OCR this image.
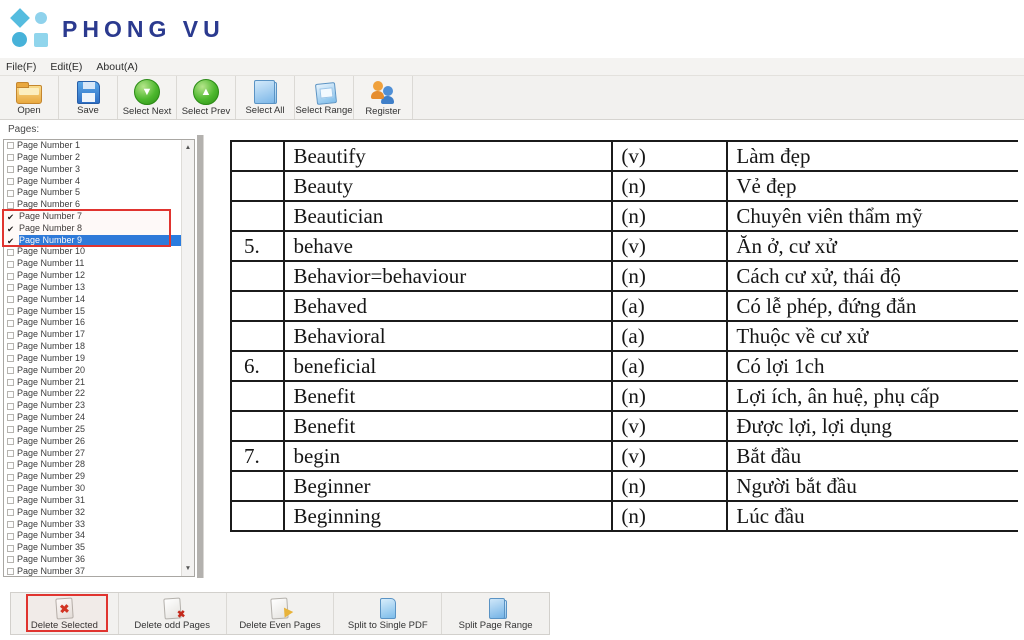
PHONG VU
File(F) Edit(E) About(A)
Open	Save
▼	Select Next
▲ Select Prev Select All Select Range Register
Pages:
Page Number 1
Page Number 2
Page Number 3
Page Number 4
Page Number 5
Page Number 6
✔ Page Number 7
✔ Page Number 8
✔ Page Number 9
Page Number 10
Page Number 11
Page Number 12
Page Number 13
Page Number 14
Page Number 15
Page Number 16
Page Number 17
Page Number 18
Page Number 19
Page Number 20
Page Number 21
Page Number 22
Page Number 23
Page Number 24
Page Number 25
Page Number 26
Page Number 27
Page Number 28
Page Number 29
Page Number 30
Page Number 31
Page Number 32
Page Number 33
Page Number 34
Page Number 35
Page Number 36
Page Number 37
▲
▼
	Beautify	(v)	Làm đẹp
	Beauty	(n)	Vẻ đẹp
	Beautician	(n)	Chuyên viên thẩm mỹ
5.	behave	(v)	Ăn ở, cư xử
	Behavior=behaviour	(n)	Cách cư xử, thái độ
	Behaved	(a)	Có lễ phép, đứng đắn
	Behavioral	(a)	Thuộc về cư xử
6.	beneficial	(a)	Có lợi 1ch
	Benefit	(n)	Lợi ích, ân huệ, phụ cấp
	Benefit	(v)	Được lợi, lợi dụng
7.	begin	(v)	Bắt đầu
	Beginner	(n)	Người bắt đầu
	Beginning	(n)	Lúc đầu
✖
Delete Selected
✖	Delete odd Pages	Delete Even Pages	Split to Single PDF	Split Page Range
